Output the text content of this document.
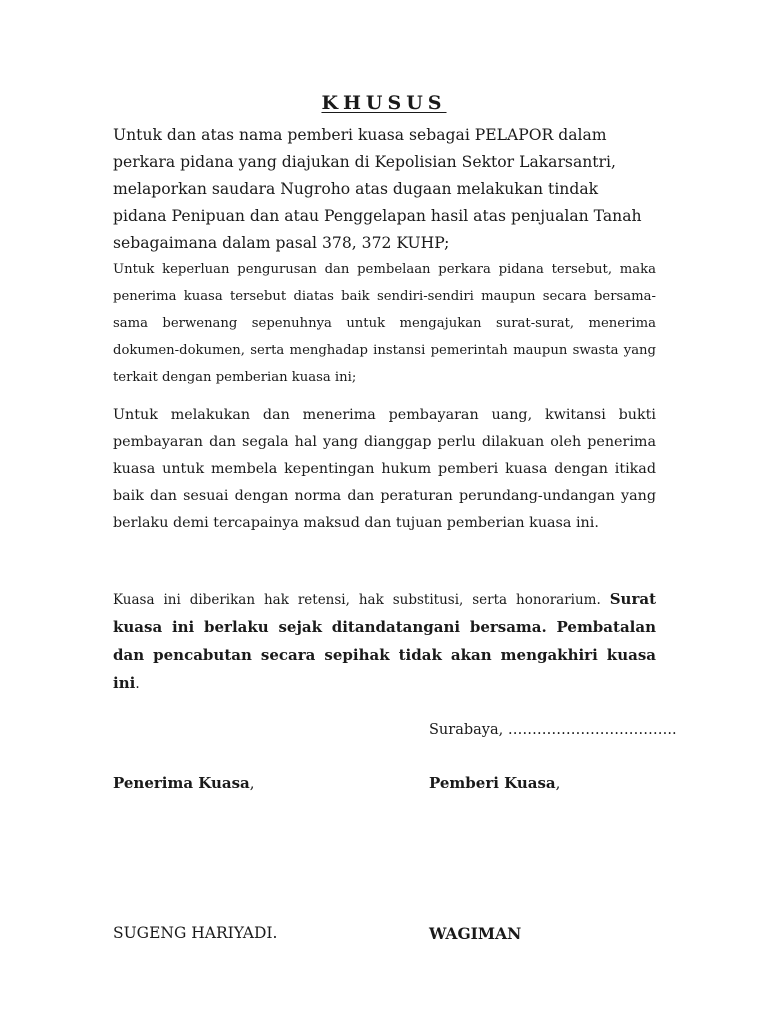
KHUSUS
Untuk dan atas nama pemberi kuasa sebagai PELAPOR dalam perkara pidana yang diajukan di Kepolisian Sektor Lakarsantri, melaporkan saudara Nugroho atas dugaan melakukan tindak pidana Penipuan dan atau Penggelapan hasil atas penjualan Tanah sebagaimana dalam pasal 378, 372 KUHP;
Untuk keperluan pengurusan dan pembelaan perkara pidana tersebut, maka penerima kuasa tersebut diatas baik sendiri-sendiri maupun secara bersama-sama berwenang sepenuhnya untuk mengajukan surat-surat, menerima dokumen-dokumen, serta menghadap instansi pemerintah maupun swasta yang terkait dengan pemberian kuasa ini;
Untuk melakukan dan menerima pembayaran uang, kwitansi bukti pembayaran dan segala hal yang dianggap perlu dilakuan oleh penerima kuasa untuk membela kepentingan hukum pemberi kuasa dengan itikad baik dan sesuai dengan norma dan peraturan perundang-undangan yang berlaku demi tercapainya maksud dan tujuan pemberian kuasa ini.
Kuasa ini diberikan hak retensi, hak substitusi, serta honorarium. Surat kuasa ini berlaku sejak ditandatangani bersama. Pembatalan dan pencabutan secara sepihak tidak akan mengakhiri kuasa ini.
Surabaya, ……………………………..
Penerima Kuasa,	Pemberi Kuasa,
SUGENG HARIYADI.	WAGIMAN
